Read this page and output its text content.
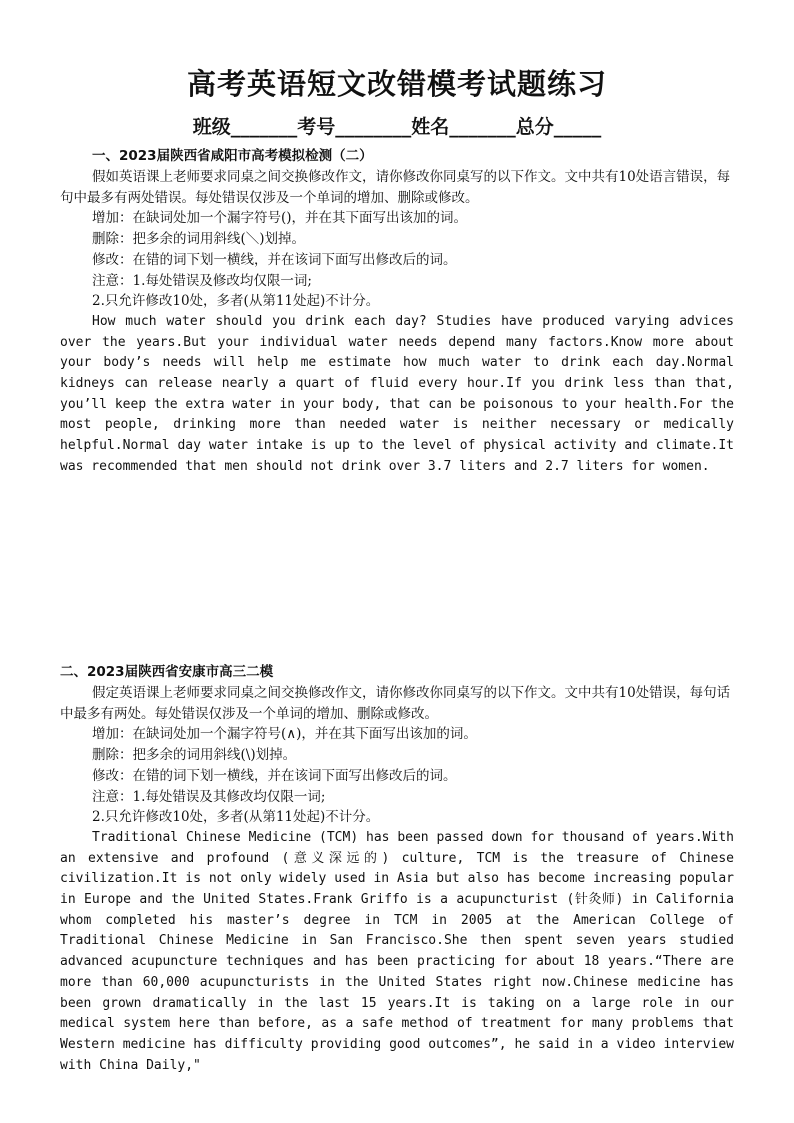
高考英语短文改错模考试题练习
班级_______考号________姓名_______总分_____
一、2023届陕西省咸阳市高考模拟检测（二）
假如英语课上老师要求同桌之间交换修改作文，请你修改你同桌写的以下作文。文中共有10处语言错误，每句中最多有两处错误。每处错误仅涉及一个单词的增加、删除或修改。
增加：在缺词处加一个漏字符号()，并在其下面写出该加的词。
删除：把多余的词用斜线(＼)划掉。
修改：在错的词下划一横线，并在该词下面写出修改后的词。
注意：1.每处错误及修改均仅限一词;
2.只允许修改10处，多者(从第11处起)不计分。
How much water should you drink each day? Studies have produced varying advices over the years.But your individual water needs depend many factors.Know more about your body’s needs will help me estimate how much water to drink each day.Normal kidneys can release nearly a quart of fluid every hour.If you drink less than that, you’ll keep the extra water in your body, that can be poisonous to your health.For the most people, drinking more than needed water is neither necessary or medically helpful.Normal day water intake is up to the level of physical activity and climate.It was recommended that men should not drink over 3.7 liters and 2.7 liters for women.
二、2023届陕西省安康市高三二模
假定英语课上老师要求同桌之间交换修改作文，请你修改你同桌写的以下作文。文中共有10处错误，每句话中最多有两处。每处错误仅涉及一个单词的增加、删除或修改。
增加：在缺词处加一个漏字符号(∧)，并在其下面写出该加的词。
删除：把多余的词用斜线(\)划掉。
修改：在错的词下划一横线，并在该词下面写出修改后的词。
注意：1.每处错误及其修改均仅限一词;
2.只允许修改10处，多者(从第11处起)不计分。
Traditional Chinese Medicine (TCM) has been passed down for thousand of years.With an extensive and profound (意义深远的) culture, TCM is the treasure of Chinese civilization.It is not only widely used in Asia but also has become increasing popular in Europe and the United States.Frank Griffo is a acupuncturist (针灸师) in California whom completed his master’s degree in TCM in 2005 at the American College of Traditional Chinese Medicine in San Francisco.She then spent seven years studied advanced acupuncture techniques and has been practicing for about 18 years.“There are more than 60,000 acupuncturists in the United States right now.Chinese medicine has been grown dramatically in the last 15 years.It is taking on a large role in our medical system here than before, as a safe method of treatment for many problems that Western medicine has difficulty providing good outcomes”, he said in a video interview with China Daily,"
